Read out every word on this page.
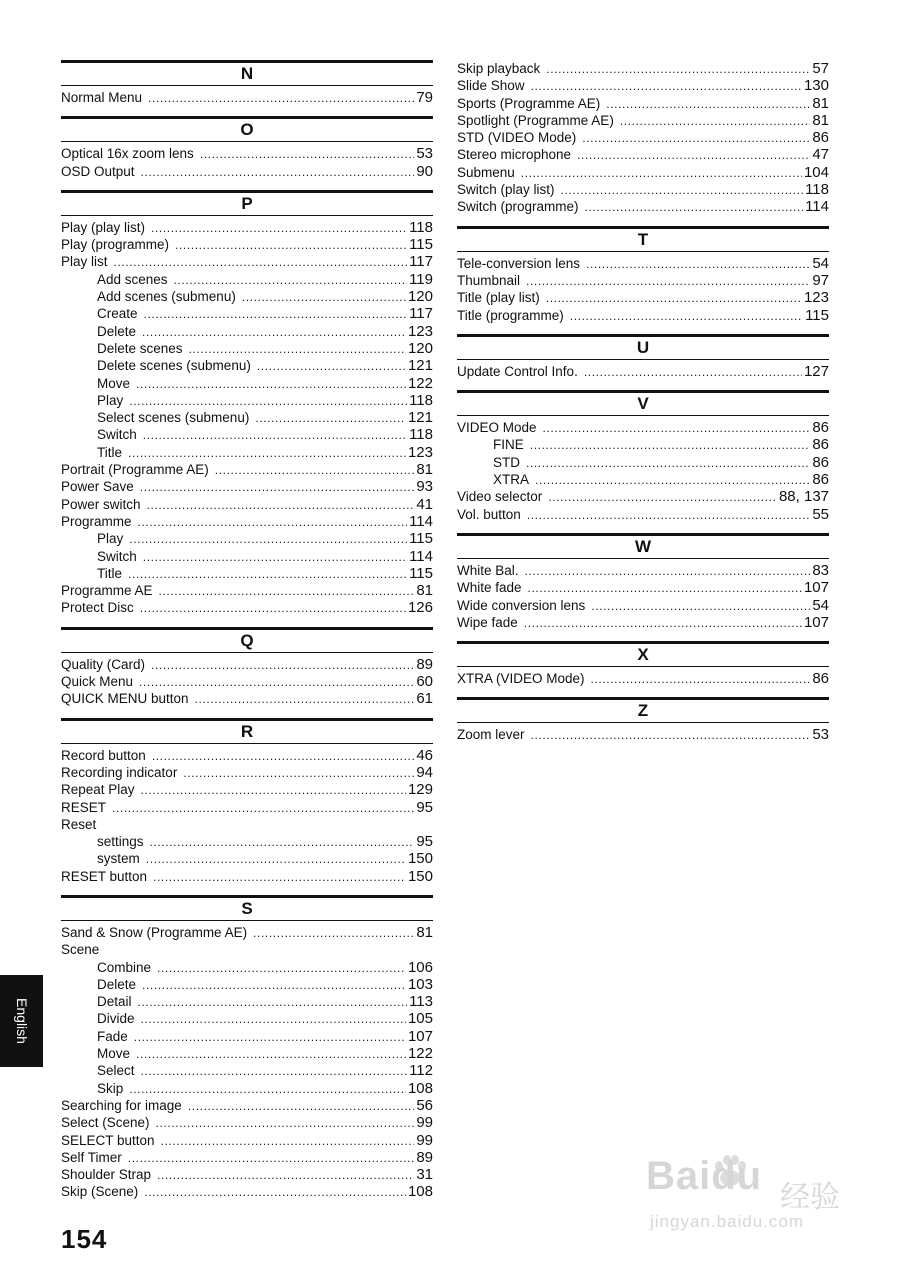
N
Normal Menu .....	79
O
Optical 16x zoom lens .....	53
OSD Output .....	90
P
Play (play list) .....	118
Play (programme) .....	115
Play list .....	117
Add scenes .....	119
Add scenes (submenu) .....	120
Create .....	117
Delete .....	123
Delete scenes .....	120
Delete scenes (submenu) .....	121
Move .....	122
Play .....	118
Select scenes (submenu) .....	121
Switch .....	118
Title .....	123
Portrait (Programme AE) .....	81
Power Save .....	93
Power switch .....	41
Programme .....	114
Play .....	115
Switch .....	114
Title .....	115
Programme AE .....	81
Protect Disc .....	126
Q
Quality (Card) .....	89
Quick Menu .....	60
QUICK MENU button .....	61
R
Record button .....	46
Recording indicator .....	94
Repeat Play .....	129
RESET .....	95
Reset
settings .....	95
system .....	150
RESET button .....	150
S
Sand & Snow (Programme AE) .....	81
Scene
Combine .....	106
Delete .....	103
Detail .....	113
Divide .....	105
Fade .....	107
Move .....	122
Select .....	112
Skip .....	108
Searching for image .....	56
Select (Scene) .....	99
SELECT button .....	99
Self Timer .....	89
Shoulder Strap .....	31
Skip (Scene) .....	108
Skip playback .....	57
Slide Show .....	130
Sports (Programme AE) .....	81
Spotlight (Programme AE) .....	81
STD (VIDEO Mode) .....	86
Stereo microphone .....	47
Submenu .....	104
Switch (play list) .....	118
Switch (programme) .....	114
T
Tele-conversion lens .....	54
Thumbnail .....	97
Title (play list) .....	123
Title (programme) .....	115
U
Update Control Info. .....	127
V
VIDEO Mode .....	86
FINE .....	86
STD .....	86
XTRA .....	86
Video selector .....	88, 137
Vol. button .....	55
W
White Bal. .....	83
White fade .....	107
Wide conversion lens .....	54
Wipe fade .....	107
X
XTRA (VIDEO Mode) .....	86
Z
Zoom lever .....	53
154
English
Baidu 经验
jingyan.baidu.com
